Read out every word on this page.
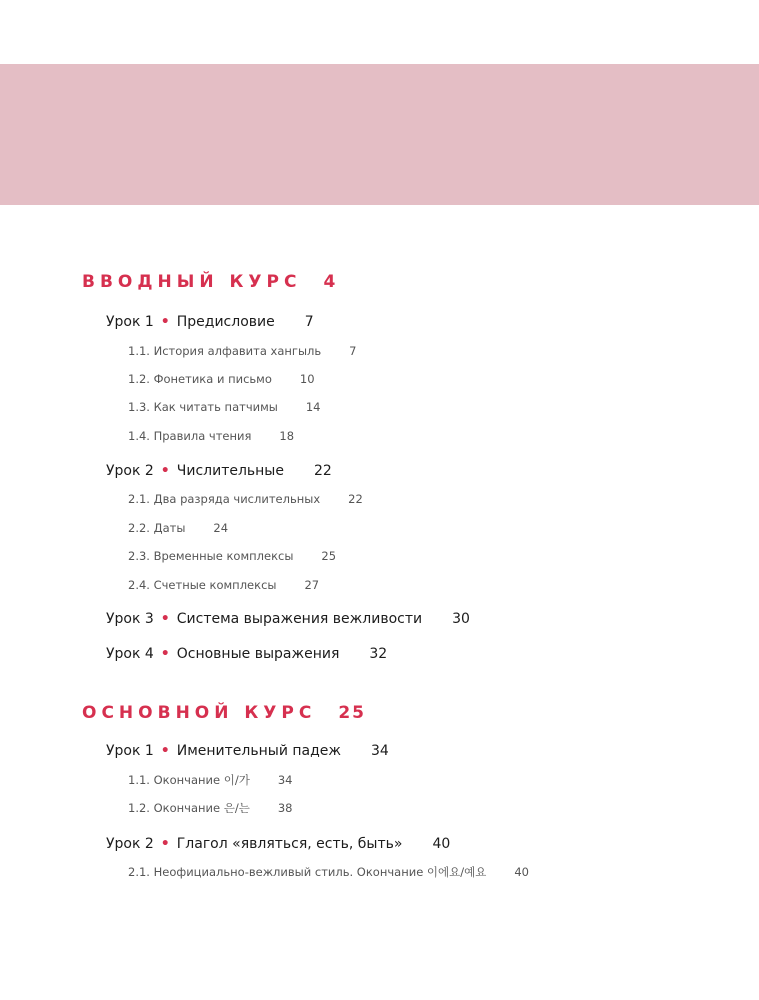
ВВОДНЫЙ КУРС 4
Урок 1 • Предисловие 7
1.1. История алфавита хангыль 7
1.2. Фонетика и письмо 10
1.3. Как читать патчимы 14
1.4. Правила чтения 18
Урок 2 • Числительные 22
2.1. Два разряда числительных 22
2.2. Даты 24
2.3. Временные комплексы 25
2.4. Счетные комплексы 27
Урок 3 • Система выражения вежливости 30
Урок 4 • Основные выражения 32
ОСНОВНОЙ КУРС 25
Урок 1 • Именительный падеж 34
1.1. Окончание 이/가 34
1.2. Окончание 은/는 38
Урок 2 • Глагол «являться, есть, быть» 40
2.1. Неофициально-вежливый стиль. Окончание 이에요/예요 40
